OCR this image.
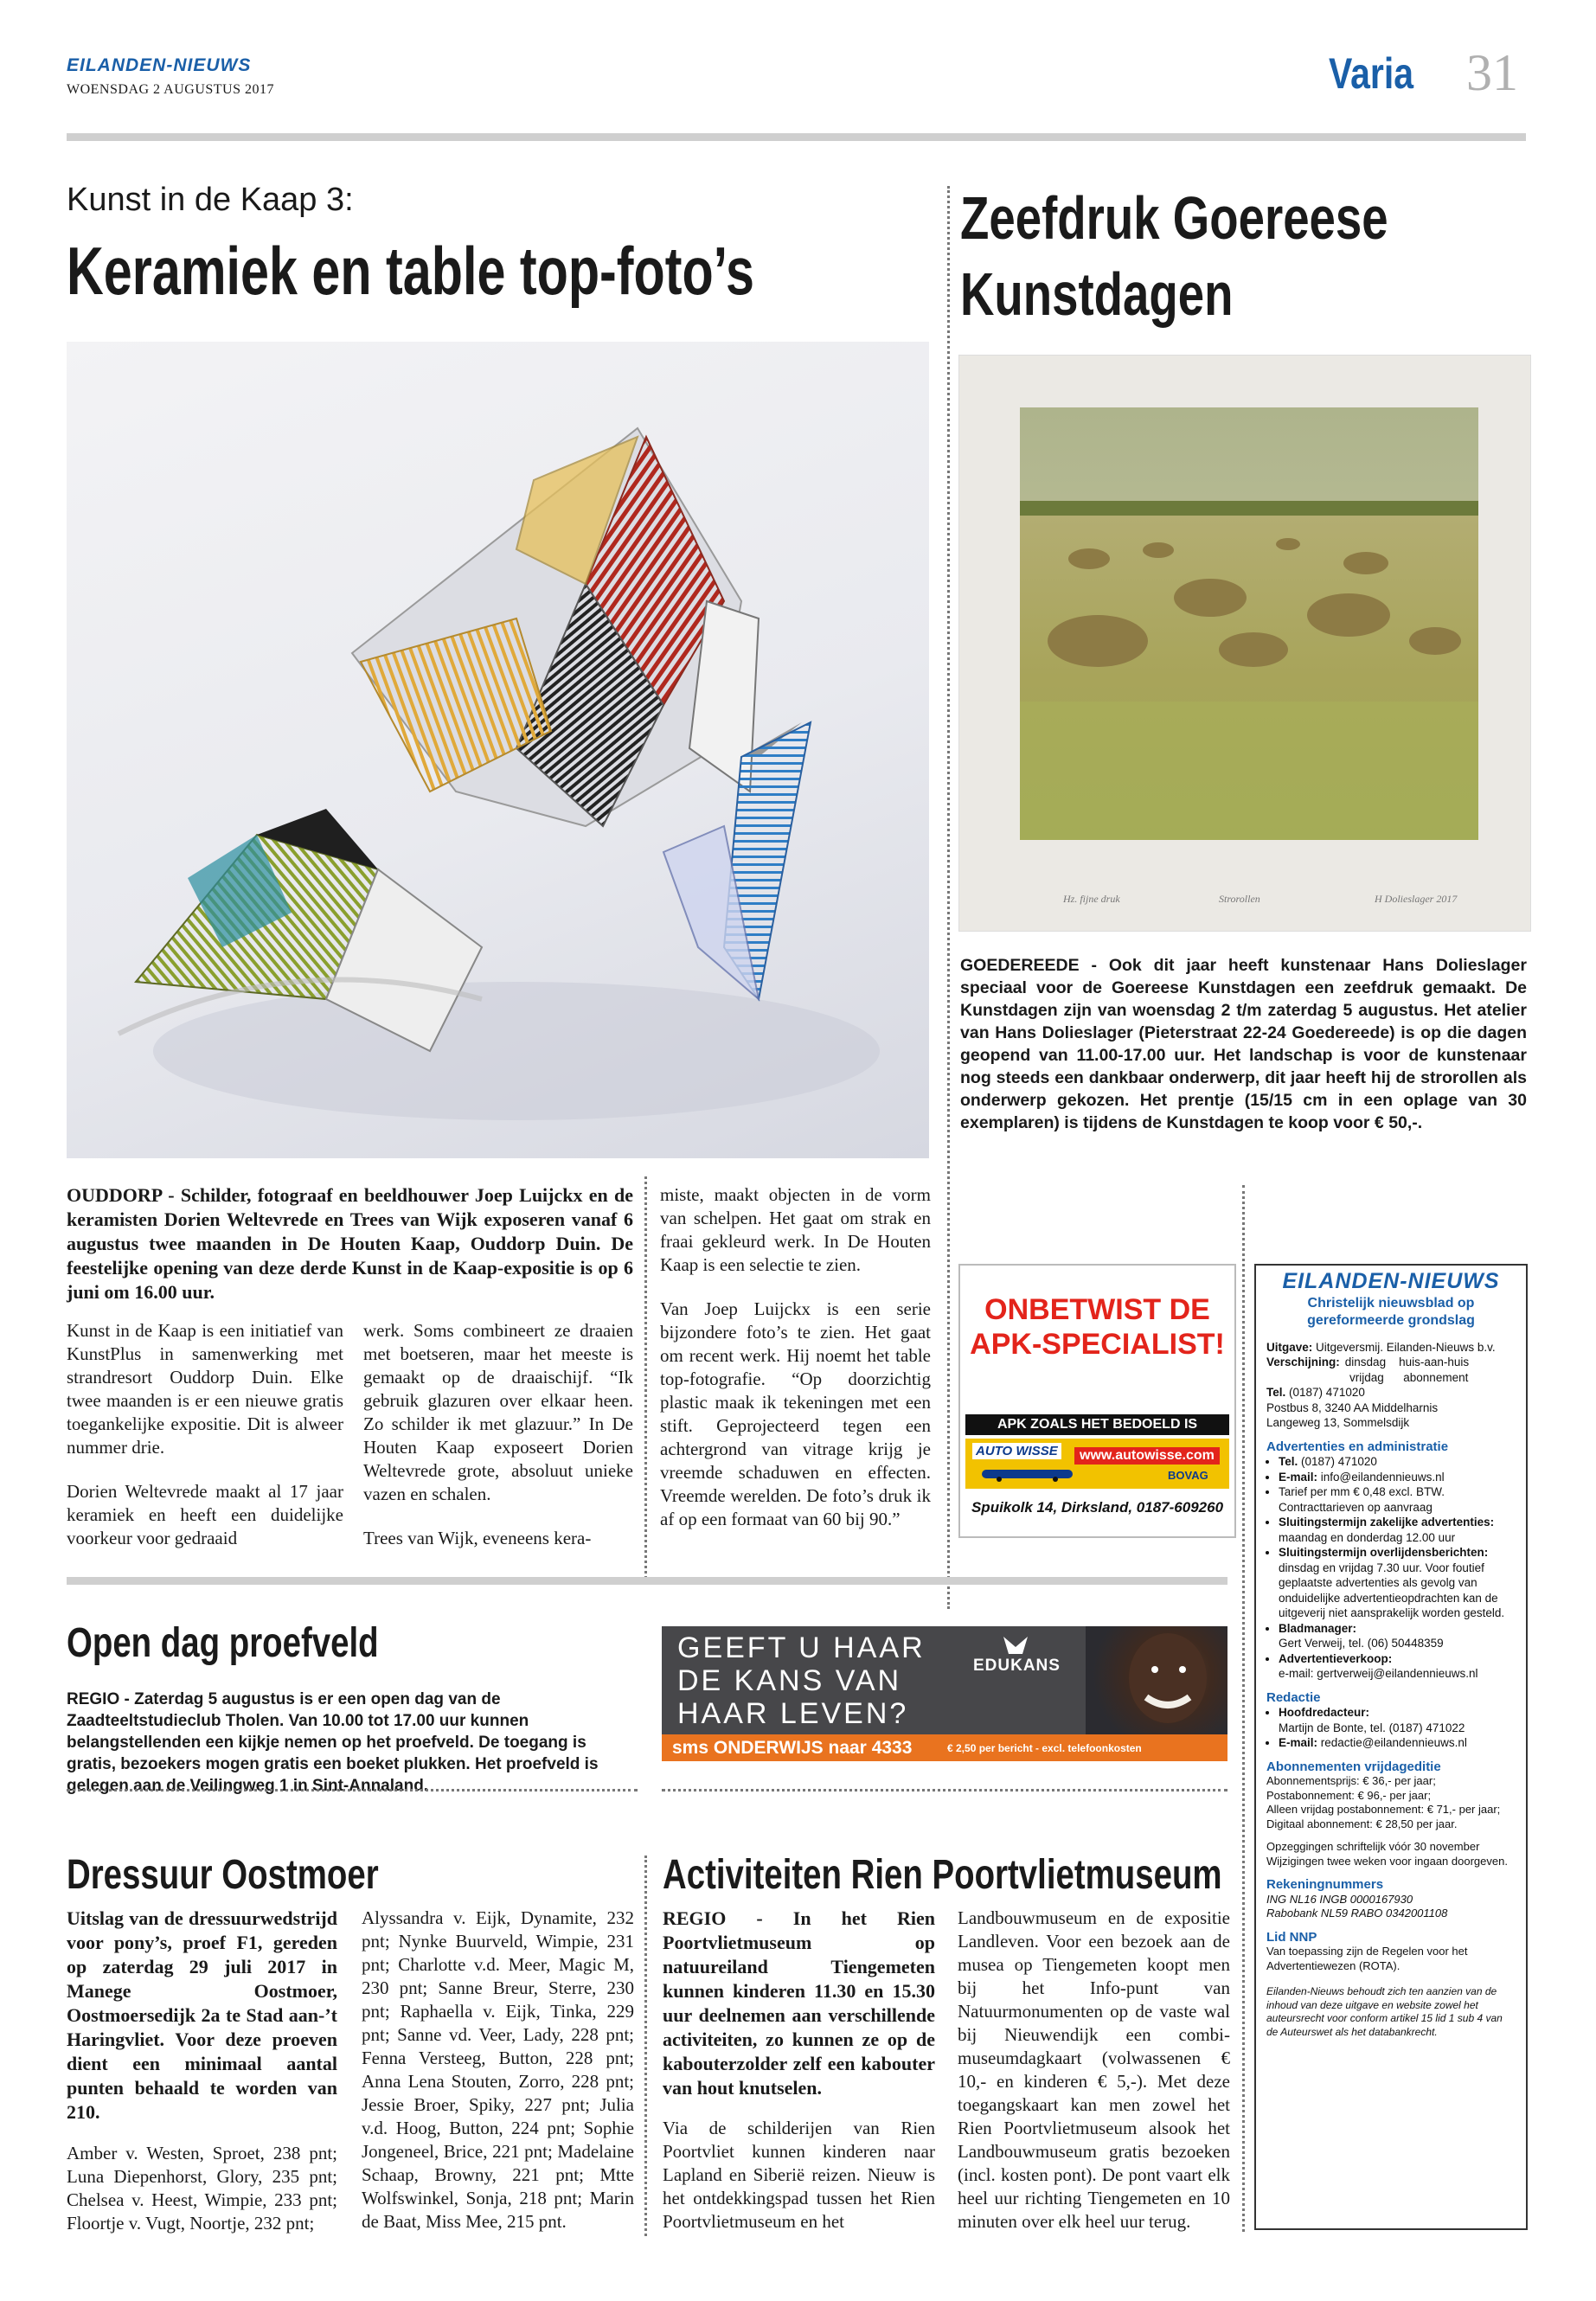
EILANDEN-NIEUWS
WOENSDAG 2 AUGUSTUS 2017	Varia 31
Kunst in de Kaap 3:
Keramiek en table top-foto’s
OUDDORP - Schilder, fotograaf en beeldhouwer Joep Luijckx en de keramisten Dorien Weltevrede en Trees van Wijk exposeren vanaf 6 augustus twee maanden in De Houten Kaap, Ouddorp Duin. De feestelijke opening van deze derde Kunst in de Kaap-expositie is op 6 juni om 16.00 uur.

Kunst in de Kaap is een initiatief van KunstPlus in samenwerking met strandresort Ouddorp Duin. Elke twee maanden is er een nieuwe gratis toegankelijke expositie. Dit is alweer nummer drie.

Dorien Weltevrede maakt al 17 jaar keramiek en heeft een duidelijke voorkeur voor gedraaid

werk. Soms combineert ze draaien met boetseren, maar het meeste is gemaakt op de draaischijf. “Ik gebruik glazuren over elkaar heen. Zo schilder ik met glazuur.” In De Houten Kaap exposeert Dorien Weltevrede grote, absoluut unieke vazen en schalen.

Trees van Wijk, eveneens kera-

miste, maakt objecten in de vorm van schelpen. Het gaat om strak en fraai gekleurd werk. In De Houten Kaap is een selectie te zien.

Van Joep Luijckx is een serie bijzondere foto’s te zien. Het gaat om recent werk. Hij noemt het table top-fotografie. “Op doorzichtig plastic maak ik tekeningen met een stift. Geprojecteerd tegen een achtergrond van vitrage krijg je vreemde schaduwen en effecten. Vreemde werelden. De foto’s druk ik af op een formaat van 60 bij 90.”

Zeefdruk Goereese
Kunstdagen
Hz. fijne druk	Strorollen	H Dolieslager 2017
GOEDEREEDE - Ook dit jaar heeft kunstenaar Hans Dolieslager speciaal voor de Goereese Kunstdagen een zeefdruk gemaakt. De Kunstdagen zijn van woensdag 2 t/m zaterdag 5 augustus. Het atelier van Hans Dolieslager (Pieterstraat 22-24 Goedereede) is op die dagen geopend van 11.00-17.00 uur. Het landschap is voor de kunstenaar nog steeds een dankbaar onderwerp, dit jaar heeft hij de strorollen als onderwerp gekozen. Het prentje (15/15 cm in een oplage van 30 exemplaren) is tijdens de Kunstdagen te koop voor € 50,-.
ONBETWIST DE
APK-SPECIALIST!
APK ZOALS HET BEDOELD IS
AUTO WISSE	www.autowisse.com
BOVAG
Spuikolk 14, Dirksland, 0187-609260
Open dag proefveld
REGIO - Zaterdag 5 augustus is er een open dag van de Zaadteeltstudieclub Tholen. Van 10.00 tot 17.00 uur kunnen belangstellenden een kijkje nemen op het proefveld. De toegang is gratis, bezoekers mogen gratis een boeket plukken. Het proefveld is gelegen aan de Veilingweg 1 in Sint-Annaland.
GEEFT U HAAR
DE KANS VAN
HAAR LEVEN?
EDUKANS
sms ONDERWIJS naar 4333	€ 2,50 per bericht - excl. telefoonkosten
Dressuur Oostmoer
Uitslag van de dressuurwedstrijd voor pony’s, proef F1, gereden op zaterdag 29 juli 2017 in Manege Oostmoer, Oostmoersedijk 2a te Stad aan-’t Haringvliet. Voor deze proeven dient een minimaal aantal punten behaald te worden van 210.
Amber v. Westen, Sproet, 238 pnt; Luna Diepenhorst, Glory, 235 pnt; Chelsea v. Heest, Wimpie, 233 pnt; Floortje v. Vugt, Noortje, 232 pnt;
Alyssandra v. Eijk, Dynamite, 232 pnt; Nynke Buurveld, Wimpie, 231 pnt; Charlotte v.d. Meer, Magic M, 230 pnt; Sanne Breur, Sterre, 230 pnt; Raphaella v. Eijk, Tinka, 229 pnt; Sanne vd. Veer, Lady, 228 pnt; Fenna Versteeg, Button, 228 pnt; Anna Lena Stouten, Zorro, 228 pnt; Jessie Broer, Spiky, 227 pnt; Julia v.d. Hoog, Button, 224 pnt; Sophie Jongeneel, Brice, 221 pnt; Madelaine Schaap, Browny, 221 pnt; Mtte Wolfswinkel, Sonja, 218 pnt; Marin de Baat, Miss Mee, 215 pnt.
Activiteiten Rien Poortvlietmuseum
REGIO - In het Rien Poortvlietmuseum op natuureiland Tiengemeten kunnen kinderen 11.30 en 15.30 uur deelnemen aan verschillende activiteiten, zo kunnen ze op de kabouterzolder zelf een kabouter van hout knutselen.
Via de schilderijen van Rien Poortvliet kunnen kinderen naar Lapland en Siberië reizen. Nieuw is het ontdekkingspad tussen het Rien Poortvlietmuseum en het
Landbouwmuseum en de expositie Landleven. Voor een bezoek aan de musea op Tiengemeten koopt men bij het Info-punt van Natuurmonumenten op de vaste wal bij Nieuwendijk een combi-museumdagkaart (volwassenen € 10,- en kinderen € 5,-). Met deze toegangskaart kan men zowel het Rien Poortvlietmuseum alsook het Landbouwmuseum gratis bezoeken (incl. kosten pont). De pont vaart elk heel uur richting Tiengemeten en 10 minuten over elk heel uur terug.
EILANDEN-NIEUWS
Christelijk nieuwsblad op
gereformeerde grondslag
Uitgave: Uitgeversmij. Eilanden-Nieuws b.v.
Verschijning: dinsdag    huis-aan-huis
vrijdag      abonnement
Tel. (0187) 471020
Postbus 8, 3240 AA Middelharnis
Langeweg 13, Sommelsdijk
Advertenties en administratie
• Tel. (0187) 471020
• E-mail: info@eilandennieuws.nl
• Tarief per mm € 0,48 excl. BTW.
Contracttarieven op aanvraag
• Sluitingstermijn zakelijke advertenties:
maandag en donderdag 12.00 uur
• Sluitingstermijn overlijdensberichten:
dinsdag en vrijdag 7.30 uur. Voor foutief geplaatste advertenties als gevolg van onduidelijke advertentieopdrachten kan de uitgeverij niet aansprakelijk worden gesteld.
• Bladmanager:
Gert Verweij, tel. (06) 50448359
• Advertentieverkoop:
e-mail: gertverweij@eilandennieuws.nl
Redactie
• Hoofdredacteur:
Martijn de Bonte, tel. (0187) 471022
• E-mail: redactie@eilandennieuws.nl
Abonnementen vrijdageditie
Abonnementsprijs: € 36,- per jaar;
Postabonnement: € 96,- per jaar;
Alleen vrijdag postabonnement: € 71,- per jaar;
Digitaal abonnement: € 28,50 per jaar.
Opzeggingen schriftelijk vóór 30 november Wijzigingen twee weken voor ingaan doorgeven.
Rekeningnummers
ING NL16 INGB 0000167930
Rabobank NL59 RABO 0342001108
Lid NNP
Van toepassing zijn de Regelen voor het Advertentiewezen (ROTA).
Eilanden-Nieuws behoudt zich ten aanzien van de inhoud van deze uitgave en website zowel het auteursrecht voor conform artikel 15 lid 1 sub 4 van de Auteurswet als het databankrecht.
